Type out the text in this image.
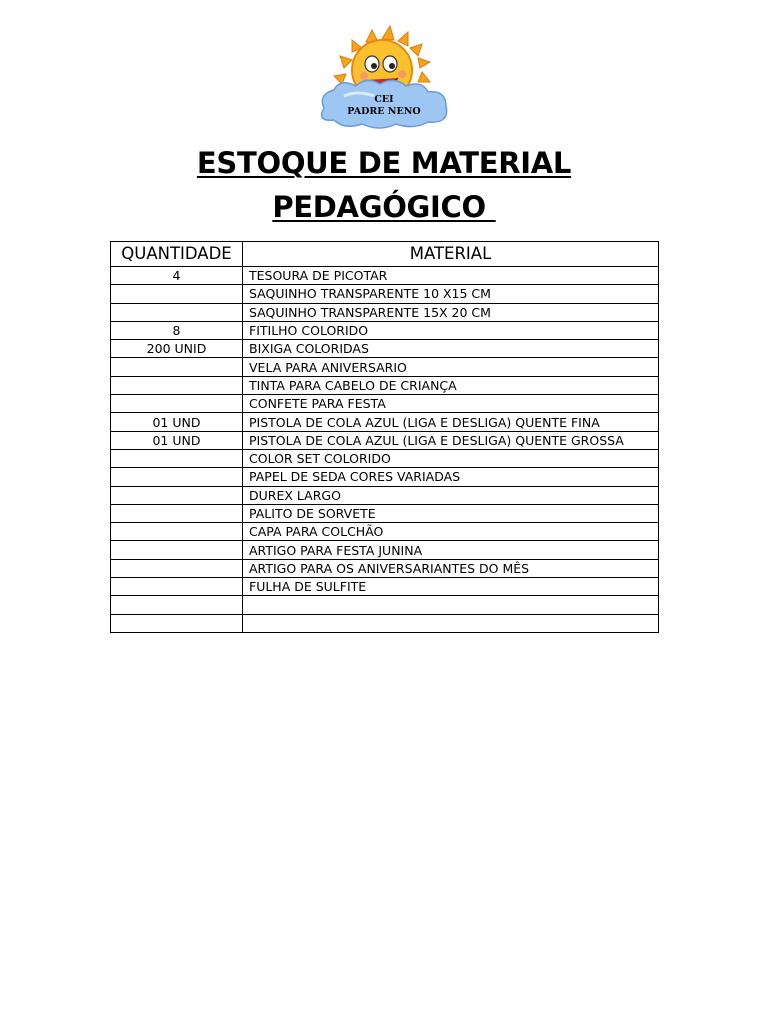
CEI
PADRE NENO
ESTOQUE DE MATERIAL
PEDAGÓGICO
QUANTIDADE	MATERIAL
4	TESOURA DE PICOTAR
	SAQUINHO TRANSPARENTE 10 X15 CM
	SAQUINHO TRANSPARENTE 15X 20 CM
8	FITILHO COLORIDO
200 UNID	BIXIGA COLORIDAS
	VELA PARA ANIVERSARIO
	TINTA PARA CABELO DE CRIANÇA
	CONFETE PARA FESTA
01 UND	PISTOLA DE COLA AZUL (LIGA E DESLIGA) QUENTE FINA
01 UND	PISTOLA DE COLA AZUL (LIGA E DESLIGA) QUENTE GROSSA
	COLOR SET COLORIDO
	PAPEL DE SEDA CORES VARIADAS
	DUREX LARGO
	PALITO DE SORVETE
	CAPA PARA COLCHÃO
	ARTIGO PARA FESTA JUNINA
	ARTIGO PARA OS ANIVERSARIANTES DO MÊS
	FULHA DE SULFITE
